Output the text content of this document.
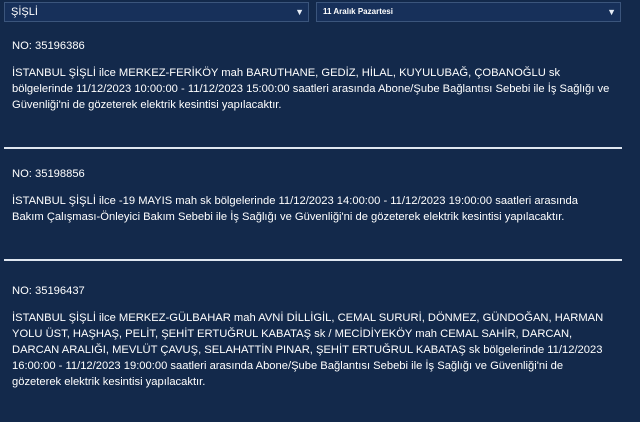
ŞİŞLİ	▼	11 Aralık Pazartesi	▼
NO: 35196386
İSTANBUL ŞİŞLİ ilce MERKEZ-FERİKÖY mah BARUTHANE, GEDİZ, HİLAL, KUYULUBAĞ, ÇOBANOĞLU sk
bölgelerinde 11/12/2023 10:00:00 - 11/12/2023 15:00:00 saatleri arasında Abone/Şube Bağlantısı Sebebi ile İş Sağlığı ve
Güvenliği'ni de gözeterek elektrik kesintisi yapılacaktır.
NO: 35198856
İSTANBUL ŞİŞLİ ilce -19 MAYIS mah sk bölgelerinde 11/12/2023 14:00:00 - 11/12/2023 19:00:00 saatleri arasında
Bakım Çalışması-Önleyici Bakım Sebebi ile İş Sağlığı ve Güvenliği'ni de gözeterek elektrik kesintisi yapılacaktır.
NO: 35196437
İSTANBUL ŞİŞLİ ilce MERKEZ-GÜLBAHAR mah AVNİ DİLLİGİL, CEMAL SURURİ, DÖNMEZ, GÜNDOĞAN, HARMAN
YOLU ÜST, HAŞHAŞ, PELİT, ŞEHİT ERTUĞRUL KABATAŞ sk / MECİDİYEKÖY mah CEMAL SAHİR, DARCAN,
DARCAN ARALIĞI, MEVLÜT ÇAVUŞ, SELAHATTİN PINAR, ŞEHİT ERTUĞRUL KABATAŞ sk bölgelerinde 11/12/2023
16:00:00 - 11/12/2023 19:00:00 saatleri arasında Abone/Şube Bağlantısı Sebebi ile İş Sağlığı ve Güvenliği'ni de
gözeterek elektrik kesintisi yapılacaktır.
